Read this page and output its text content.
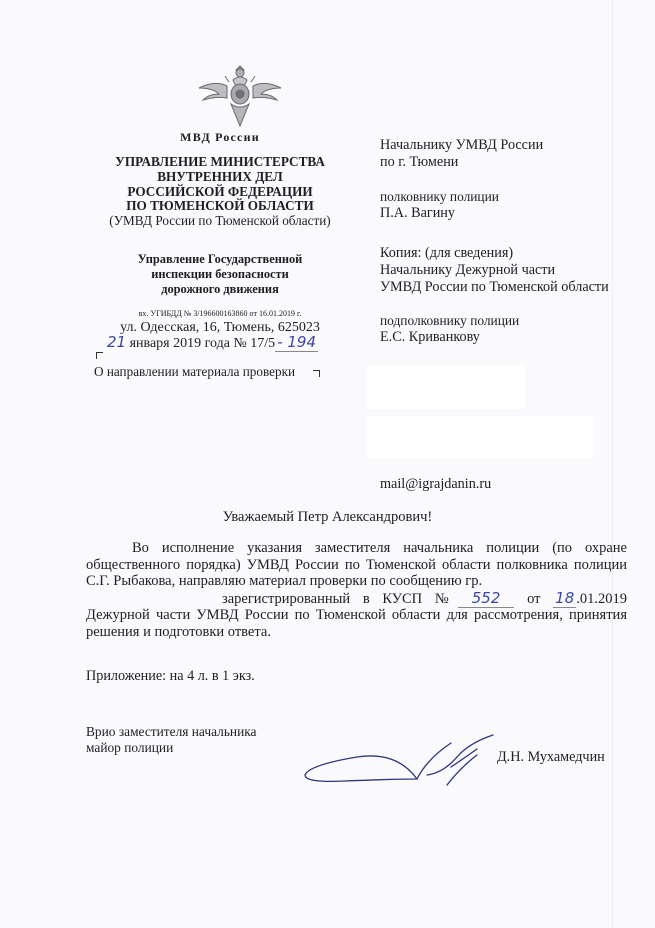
МВД России
УПРАВЛЕНИЕ МИНИСТЕРСТВА
ВНУТРЕННИХ ДЕЛ
РОССИЙСКОЙ ФЕДЕРАЦИИ
ПО ТЮМЕНСКОЙ ОБЛАСТИ
(УМВД России по Тюменской области)
Управление Государственной
инспекции безопасности
дорожного движения
вх. УГИБДД № 3/196600163860 от 16.01.2019 г.
ул. Одесская, 16, Тюмень, 625023
21 января 2019 года № 17/5 - 194
О направлении материала проверки
Начальнику УМВД России
по г. Тюмени
полковнику полиции
П.А. Вагину
Копия: (для сведения)
Начальнику Дежурной части
УМВД России по Тюменской области
подполковнику полиции
Е.С. Криванкову
mail@igrajdanin.ru
Уважаемый Петр Александрович!

Во исполнение указания заместителя начальника полиции (по охране общественного порядка) УМВД России по Тюменской области полковника полиции С.Г. Рыбакова, направляю материал проверки по сообщению гр.

зарегистрированный в КУСП № 552 от 18 .01.2019

Дежурной части УМВД России по Тюменской области для рассмотрения, принятия решения и подготовки ответа.

Приложение: на 4 л. в 1 экз.
Врио заместителя начальника
майор полиции
Д.Н. Мухамедчин
